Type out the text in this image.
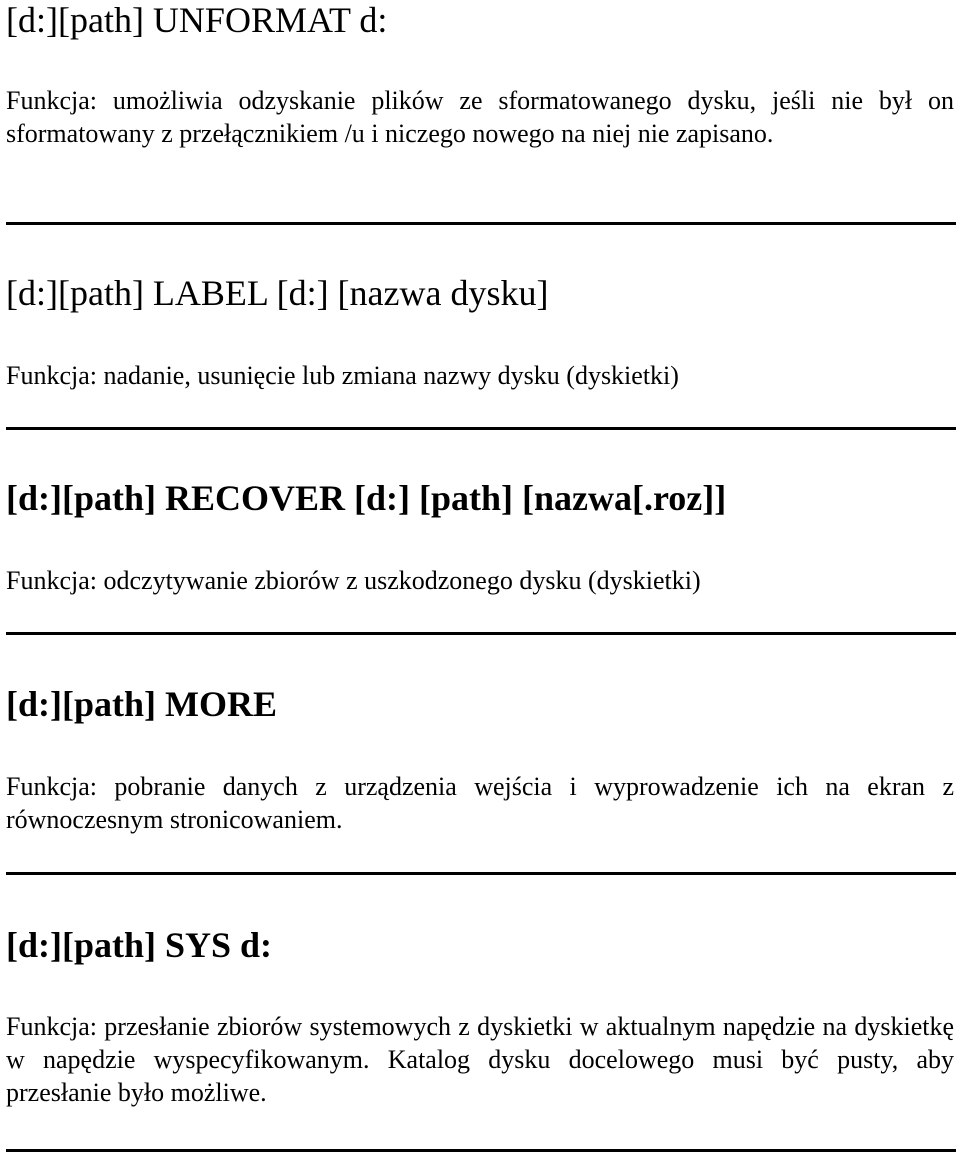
[d:][path] UNFORMAT d:

Funkcja: umożliwia odzyskanie plików ze sformatowanego dysku, jeśli nie był on sformatowany z przełącznikiem /u i niczego nowego na niej nie zapisano.

[d:][path] LABEL [d:] [nazwa dysku]

Funkcja: nadanie, usunięcie lub zmiana nazwy dysku (dyskietki)

[d:][path] RECOVER [d:] [path] [nazwa[.roz]]

Funkcja: odczytywanie zbiorów z uszkodzonego dysku (dyskietki)

[d:][path] MORE

Funkcja: pobranie danych z urządzenia wejścia i wyprowadzenie ich na ekran z równoczesnym stronicowaniem.

[d:][path] SYS d:

Funkcja: przesłanie zbiorów systemowych z dyskietki w aktualnym napędzie na dyskietkę w napędzie wyspecyfikowanym. Katalog dysku docelowego musi być pusty, aby przesłanie było możliwe.
